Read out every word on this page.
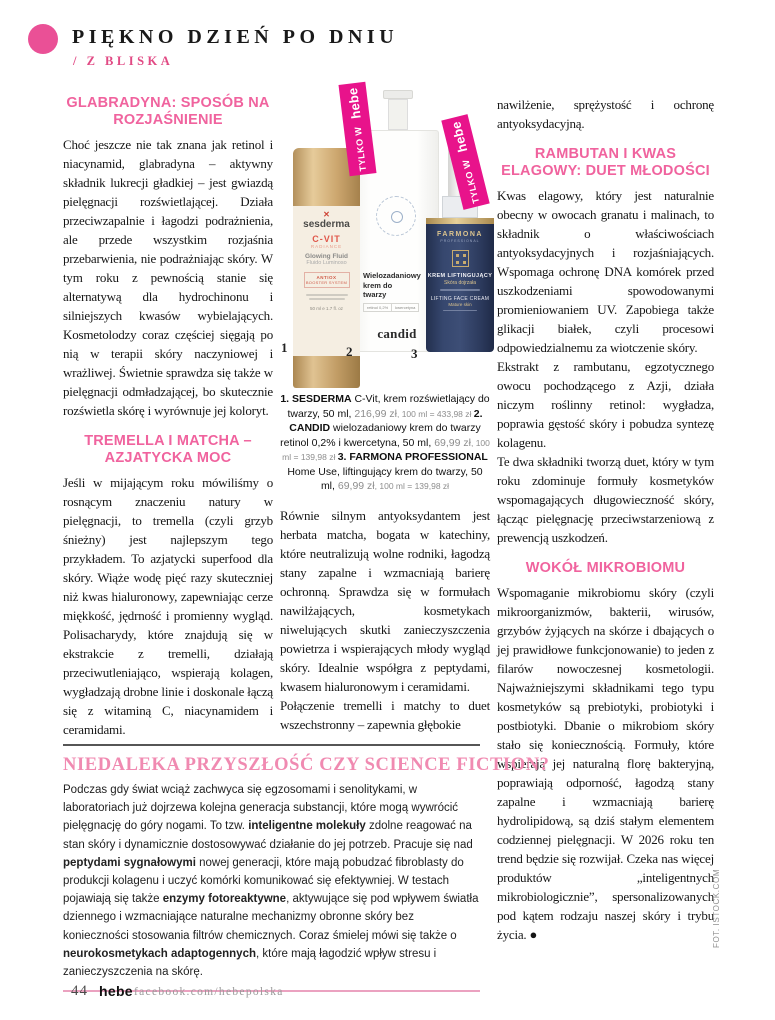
PIĘKNO DZIEŃ PO DNIU
/ Z BLISKA
GLABRADYNA: SPOSÓB NA ROZJAŚNIENIE

Choć jeszcze nie tak znana jak retinol i niacynamid, glabradyna – aktywny składnik lukrecji gładkiej – jest gwiazdą pielęgnacji rozświetlającej. Działa przeciwzapalnie i łagodzi podrażnienia, ale przede wszystkim rozjaśnia przebarwienia, nie podrażniając skóry. W tym roku z pewnością stanie się alternatywą dla hydrochinonu i silniejszych kwasów wybielających. Kosmetolodzy coraz częściej sięgają po nią w terapii skóry naczyniowej i wrażliwej. Świetnie sprawdza się także w pielęgnacji odmładzającej, bo skutecznie rozświetla skórę i wyrównuje jej koloryt.

TREMELLA I MATCHA – AZJATYCKA MOC

Jeśli w mijającym roku mówiliśmy o rosnącym znaczeniu natury w pielęgnacji, to tremella (czyli grzyb śnieżny) jest najlepszym tego przykładem. To azjatycki superfood dla skóry. Wiąże wodę pięć razy skuteczniej niż kwas hialuronowy, zapewniając cerze miękkość, jędrność i promienny wygląd. Polisacharydy, które znajdują się w ekstrakcie z tremelli, działają przeciwutleniająco, wspierają kolagen, wygładzają drobne linie i doskonale łączą się z witaminą C, niacynamidem i ceramidami.

Wielozadaniowy
krem do
twarzy
retinol 0,2%	kwercetyna
candid
✕
sesderma
C-VIT
RADIANCE
Glowing Fluid
Fluido Luminoso
ANTIOX
BOOSTER SYSTEM
50 ml e 1.7 fl. oz
FARMONA
PROFESSIONAL
KREM LIFTINGUJĄCY
Skóra dojrzała
LIFTING FACE CREAM
Mature skin
TYLKO W hebe
TYLKO W hebe
1	2	3
1. SESDERMA C-Vit, krem rozświetlający do twarzy, 50 ml, 216,99 zł, 100 ml = 433,98 zł 2. CANDID wielozadaniowy krem do twarzy retinol 0,2% i kwercetyna, 50 ml, 69,99 zł, 100 ml = 139,98 zł 3. FARMONA PROFESSIONAL Home Use, liftingujący krem do twarzy, 50 ml, 69,99 zł, 100 ml = 139,98 zł

Równie silnym antyoksydantem jest herbata matcha, bogata w katechiny, które neutralizują wolne rodniki, łagodzą stany zapalne i wzmacniają barierę ochronną. Sprawdza się w formułach nawilżających, kosmetykach niwelujących skutki zanieczyszczenia powietrza i wspierających młody wygląd skóry. Idealnie współgra z peptydami, kwasem hialuronowym i ceramidami.

Połączenie tremelli i matchy to duet wszechstronny – zapewnia głębokie

nawilżenie, sprężystość i ochronę antyoksydacyjną.

RAMBUTAN I KWAS ELAGOWY: DUET MŁODOŚCI

Kwas elagowy, który jest naturalnie obecny w owocach granatu i malinach, to składnik o właściwościach antyoksydacyjnych i rozjaśniających. Wspomaga ochronę DNA komórek przed uszkodzeniami spowodowanymi promieniowaniem UV. Zapobiega także glikacji białek, czyli procesowi odpowiedzialnemu za wiotczenie skóry.

Ekstrakt z rambutanu, egzotycznego owocu pochodzącego z Azji, działa niczym roślinny retinol: wygładza, poprawia gęstość skóry i pobudza syntezę kolagenu.

Te dwa składniki tworzą duet, który w tym roku zdominuje formuły kosmetyków wspomagających długowieczność skóry, łącząc pielęgnację przeciwstarzeniową z prewencją uszkodzeń.

WOKÓŁ MIKROBIOMU

Wspomaganie mikrobiomu skóry (czyli mikroorganizmów, bakterii, wirusów, grzybów żyjących na skórze i dbających o jej prawidłowe funkcjonowanie) to jeden z filarów nowoczesnej kosmetologii. Najważniejszymi składnikami tego typu kosmetyków są prebiotyki, probiotyki i postbiotyki. Dbanie o mikrobiom skóry stało się koniecznością. Formuły, które wspierają jej naturalną florę bakteryjną, poprawiają odporność, łagodzą stany zapalne i wzmacniają barierę hydrolipidową, są dziś stałym elementem codziennej pielęgnacji. W 2026 roku ten trend będzie się rozwijał. Czeka nas więcej produktów „inteligentnych mikrobiologicznie”, spersonalizowanych pod kątem rodzaju naszej skóry i trybu życia. ●

NIEDALEKA PRZYSZŁOŚĆ CZY SCIENCE FICTION?
Podczas gdy świat wciąż zachwyca się egzosomami i senolitykami, w laboratoriach już dojrzewa kolejna generacja substancji, które mogą wywrócić pielęgnację do góry nogami. To tzw. inteligentne molekuły zdolne reagować na stan skóry i dynamicznie dostosowywać działanie do jej potrzeb. Pracuje się nad peptydami sygnałowymi nowej generacji, które mają pobudzać fibroblasty do produkcji kolagenu i uczyć komórki komunikować się efektywniej. W testach pojawiają się także enzymy fotoreaktywne, aktywujące się pod wpływem światła dziennego i wzmacniające naturalne mechanizmy obronne skóry bez konieczności stosowania filtrów chemicznych. Coraz śmielej mówi się także o neurokosmetykach adaptogennych, które mają łagodzić wpływ stresu i zanieczyszczenia na skórę.
44 hebe facebook.com/hebepolska
FOT. ISTOCK.COM
